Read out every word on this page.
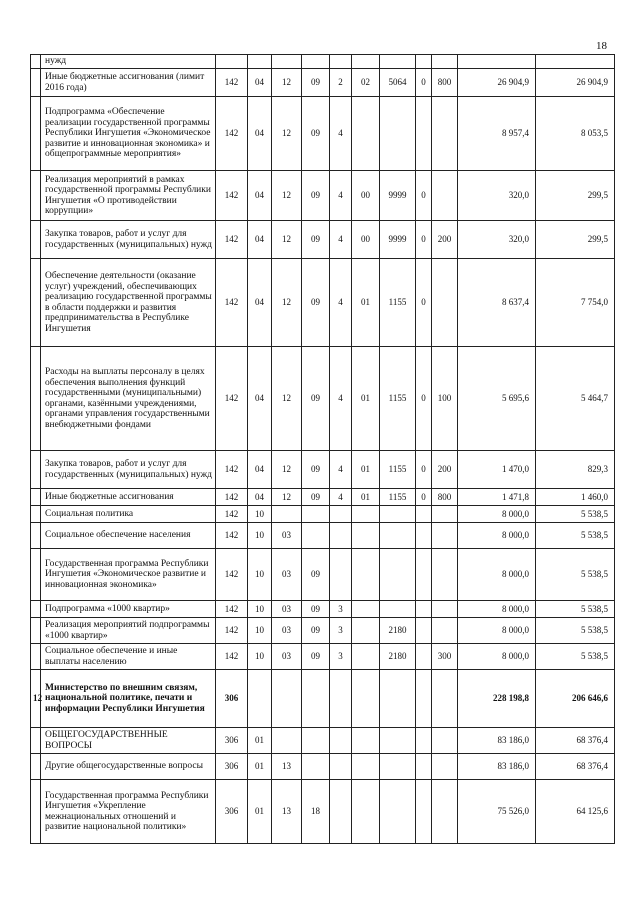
18
	нужд											
	Иные бюджетные ассигнования (лимит 2016 года)	142	04	12	09	2	02	5064	0	800	26 904,9	26 904,9
	Подпрограмма «Обеспечение реализации государственной программы Республики Ингушетия «Экономическое развитие и инновационная экономика» и общепрограммные мероприятия»	142	04	12	09	4					8 957,4	8 053,5
	Реализация мероприятий в рамках государственной программы Республики Ингушетия «О противодействии коррупции»	142	04	12	09	4	00	9999	0		320,0	299,5
	Закупка товаров, работ и услуг для государственных (муниципальных) нужд	142	04	12	09	4	00	9999	0	200	320,0	299,5
	Обеспечение деятельности (оказание услуг) учреждений, обеспечивающих реализацию государственной программы в области поддержки и развития предпринимательства в Республике Ингушетия	142	04	12	09	4	01	1155	0		8 637,4	7 754,0
	Расходы на выплаты персоналу в целях обеспечения выполнения функций государственными (муниципальными) органами, казёнными учреждениями, органами управления государственными внебюджетными фондами	142	04	12	09	4	01	1155	0	100	5 695,6	5 464,7
	Закупка товаров, работ и услуг для государственных (муниципальных) нужд	142	04	12	09	4	01	1155	0	200	1 470,0	829,3
	Иные бюджетные ассигнования	142	04	12	09	4	01	1155	0	800	1 471,8	1 460,0
	Социальная политика	142	10								8 000,0	5 538,5
	Социальное обеспечение населения	142	10	03							8 000,0	5 538,5
	Государственная программа Республики Ингушетия «Экономическое развитие и инновационная экономика»	142	10	03	09						8 000,0	5 538,5
	Подпрограмма «1000 квартир»	142	10	03	09	3					8 000,0	5 538,5
	Реализация мероприятий подпрограммы «1000 квартир»	142	10	03	09	3		2180			8 000,0	5 538,5
	Социальное обеспечение и иные выплаты населению	142	10	03	09	3		2180		300	8 000,0	5 538,5
12	Министерство по внешним связям, национальной политике, печати и информации Республики Ингушетия	306									228 198,8	206 646,6
	ОБЩЕГОСУДАРСТВЕННЫЕ ВОПРОСЫ	306	01								83 186,0	68 376,4
	Другие общегосударственные вопросы	306	01	13							83 186,0	68 376,4
	Государственная программа Республики Ингушетия «Укрепление межнациональных отношений и развитие национальной политики»	306	01	13	18						75 526,0	64 125,6
